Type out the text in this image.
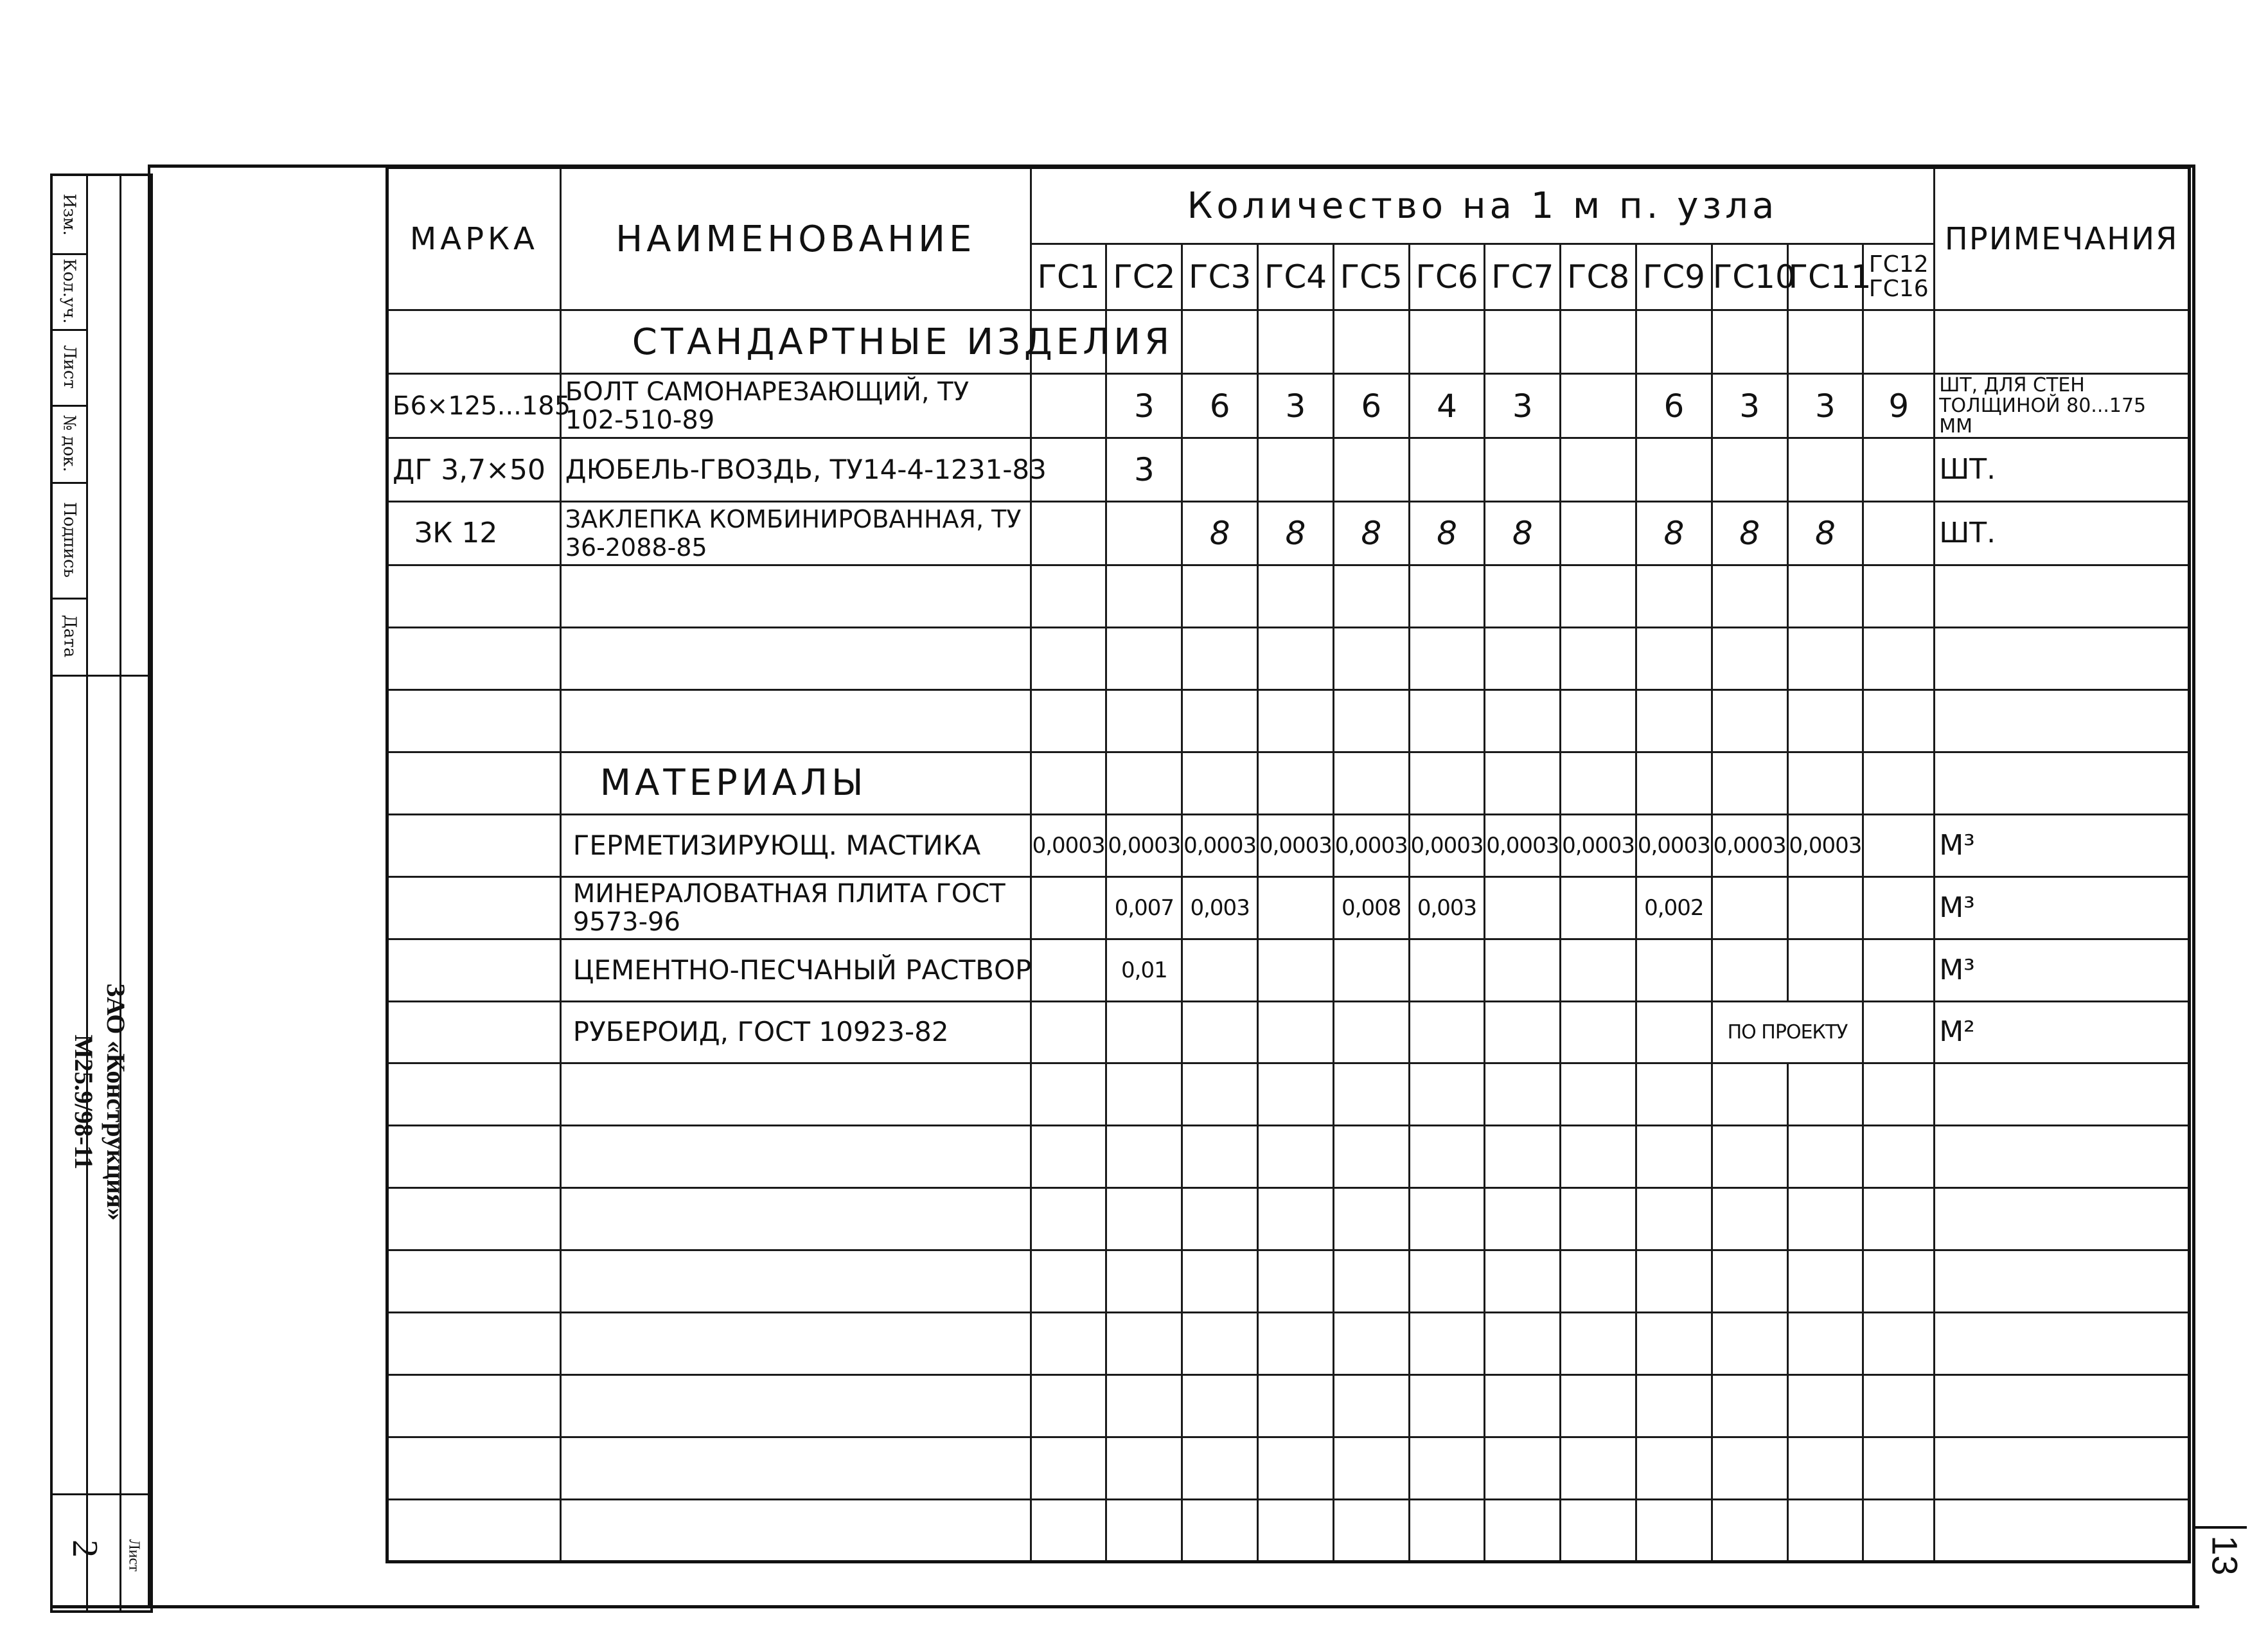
Изм.
Кол.уч.
Лист
№ док.
Подпись
Дата
ЗАО «Конструкция»
M25.9/98-11
2 Лист
МАРКА	НАИМЕНОВАНИЕ	Количество на 1 м п. узла												ПРИМЕЧАНИЯ
		ГС1	ГС2	ГС3	ГС4	ГС5	ГС6	ГС7	ГС8	ГС9	ГС10	ГС11	ГС12 ГС16	
	СТАНДАРТНЫЕ ИЗДЕЛИЯ													
Б6×125...185	БОЛТ САМОНАРЕЗАЮЩИЙ, ТУ 102-510-89		3	6	3	6	4	3		6	3	3	9	ШТ, ДЛЯ СТЕН ТОЛЩИНОЙ 80...175 ММ
ДГ 3,7×50	ДЮБЕЛЬ-ГВОЗДЬ, ТУ14-4-1231-83		3											ШТ.
ЗК 12	ЗАКЛЕПКА КОМБИНИРОВАННАЯ, ТУ 36-2088-85			8	8	8	8	8		8	8	8		ШТ.

	МАТЕРИАЛЫ													
	ГЕРМЕТИЗИРУЮЩ. МАСТИКА	0,0003	0,0003	0,0003	0,0003	0,0003	0,0003	0,0003	0,0003	0,0003	0,0003	0,0003		М³
	МИНЕРАЛОВАТНАЯ ПЛИТА ГОСТ 9573-96		0,007	0,003		0,008	0,003			0,002				М³
	ЦЕМЕНТНО-ПЕСЧАНЫЙ РАСТВОР		0,01											М³
	РУБЕРОИД, ГОСТ 10923-82										ПО ПРОЕКТУ			М²

13
